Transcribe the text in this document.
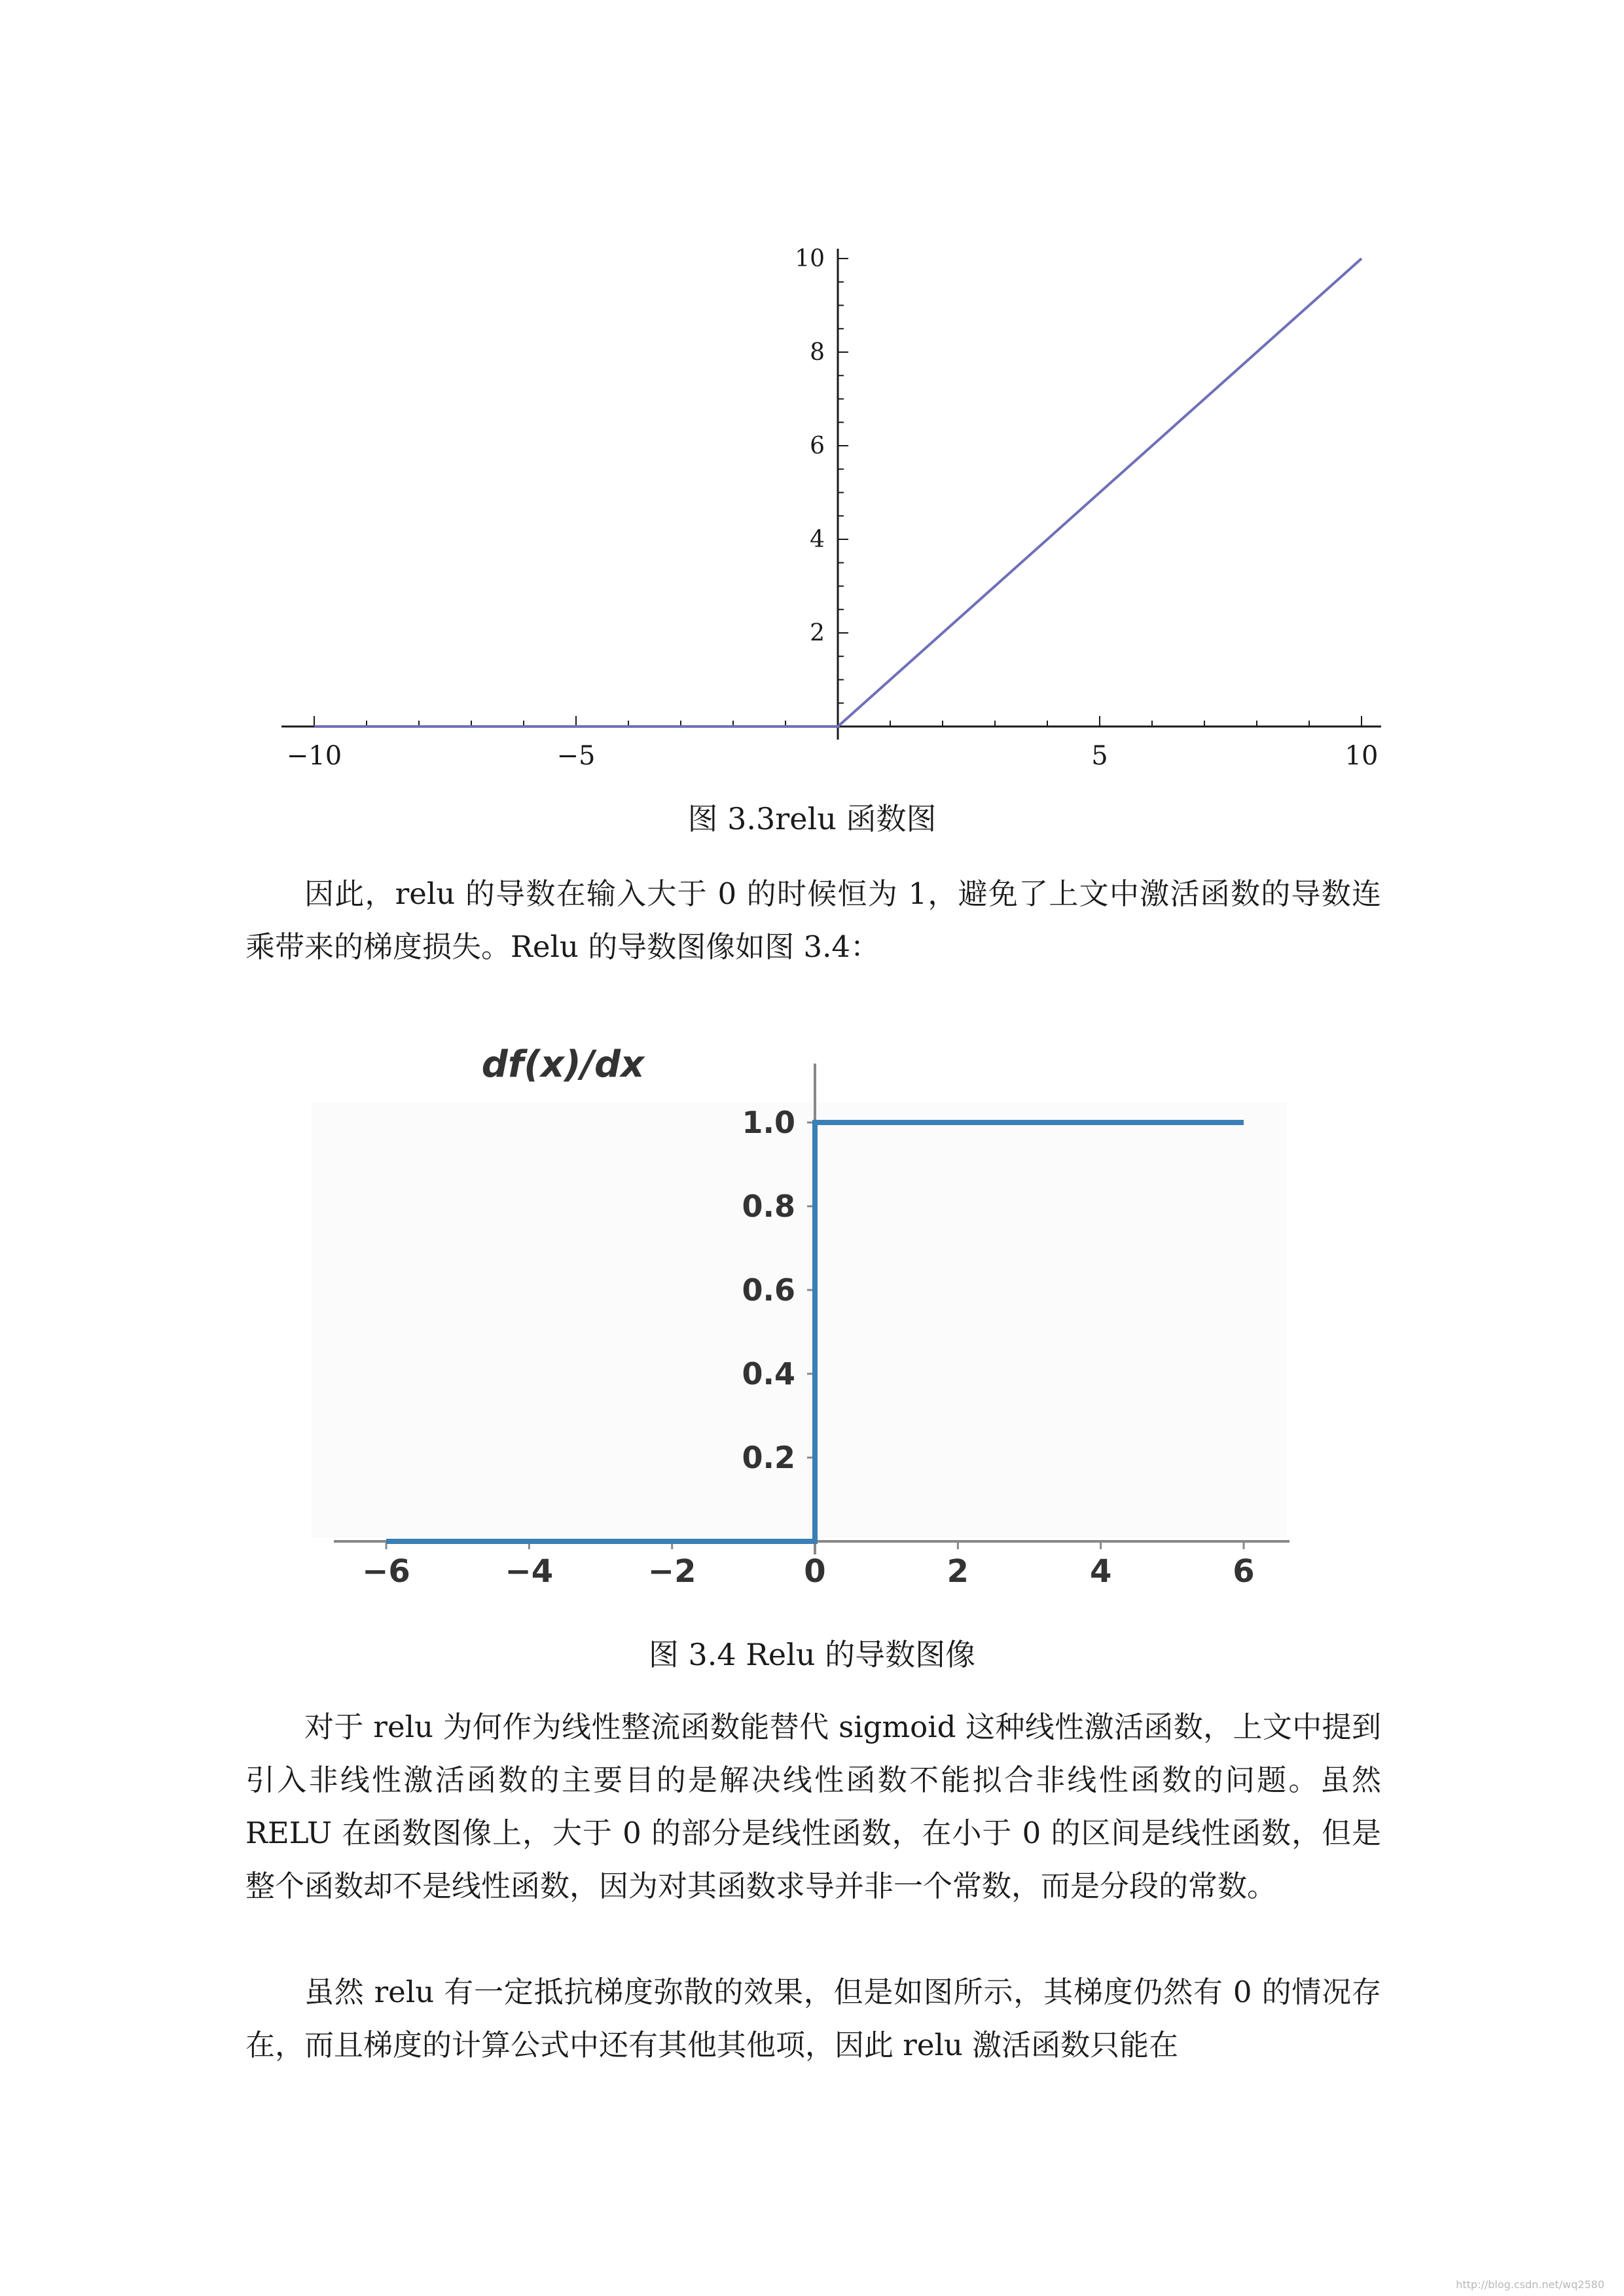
−10	−5	5	10
2
4
6
8
10

图 3.3relu 函数图

因此，relu 的导数在输入大于 0 的时候恒为 1，避免了上文中激活函数的导数连乘带来的梯度损失。Relu 的导数图像如图 3.4：

−6	−4	−2	0	2	4	6
0.2
0.4
0.6
0.8
1.0
df(x)/dx

图 3.4 Relu 的导数图像

对于 relu 为何作为线性整流函数能替代 sigmoid 这种线性激活函数，上文中提到引入非线性激活函数的主要目的是解决线性函数不能拟合非线性函数的问题。虽然 RELU 在函数图像上，大于 0 的部分是线性函数，在小于 0 的区间是线性函数，但是整个函数却不是线性函数，因为对其函数求导并非一个常数，而是分段的常数。

虽然 relu 有一定抵抗梯度弥散的效果，但是如图所示，其梯度仍然有 0 的情况存在，而且梯度的计算公式中还有其他其他项，因此 relu 激活函数只能在

http://blog.csdn.net/wq2580
